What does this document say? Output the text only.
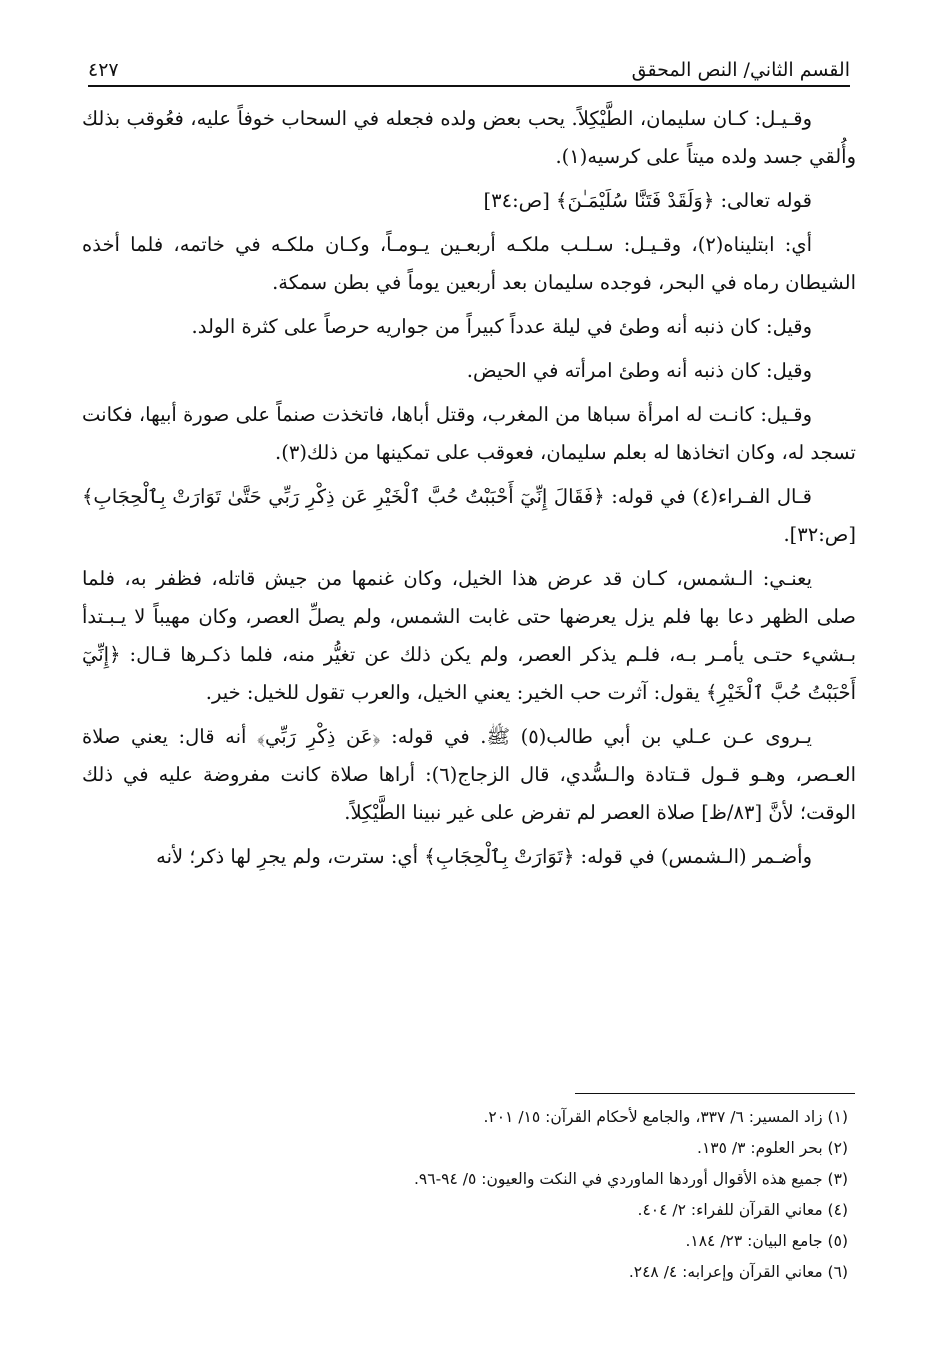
القسم الثاني/ النص المحقق
٤٢٧

وقـيـل: كـان سليمان، الطَّيْكِلاً. يحب بعض ولده فجعله في السحاب خوفاً عليه، فعُوقب بذلك وأُلقي جسد ولده ميتاً على كرسيه(١).

قوله تعالى: ﴿وَلَقَدْ فَتَنَّا سُلَيْمَـٰنَ﴾ [ص:٣٤]

أي: ابتليناه(٢)، وقـيـل: سـلـب ملكـه أربعـين يـومـاً، وكـان ملكـه في خاتمه، فلما أخذه الشيطان رماه في البحر، فوجده سليمان بعد أربعين يوماً في بطن سمكة.

وقيل: كان ذنبه أنه وطئ في ليلة عدداً كبيراً من جواريه حرصاً على كثرة الولد.

وقيل: كان ذنبه أنه وطئ امرأته في الحيض.

وقـيل: كانـت له امرأة سباها من المغرب، وقتل أباها، فاتخذت صنماً على صورة أبيها، فكانت تسجد له، وكان اتخاذها له بعلم سليمان، فعوقب على تمكينها من ذلك(٣).

قـال الفـراء(٤) في قوله: ﴿فَقَالَ إِنِّيٓ أَحْبَبْتُ حُبَّ ٱلْخَيْرِ عَن ذِكْرِ رَبِّي حَتَّىٰ تَوَارَتْ بِٱلْحِجَابِ﴾ [ص:٣٢].

يعنـي: الـشمس، كـان قد عرض هذا الخيل، وكان غنمها من جيش قاتله، فظفر به، فلما صلى الظهر دعا بها فلم يزل يعرضها حتى غابت الشمس، ولم يصلِّ العصر، وكان مهيباً لا يـبـتدأ بـشيء حتـى يأمـر بـه، فلـم يذكر العصر، ولم يكن ذلك عن تغيُّر منه، فلما ذكـرها قـال: ﴿إِنِّيٓ أَحْبَبْتُ حُبَّ ٱلْخَيْرِ﴾ يقول: آثرت حب الخير: يعني الخيل، والعرب تقول للخيل: خير.

يـروى عـن عـلي بن أبي طالب(٥) ﷺ. في قوله: ﴿عَن ذِكْرِ رَبِّي﴾ أنه قال: يعني صلاة العـصر، وهـو قـول قـتادة والـسُّدي، قال الزجاج(٦): أراها صلاة كانت مفروضة عليه في ذلك الوقت؛ لأنَّ [٨٣/ظ] صلاة العصر لم تفرض على غير نبينا الطَّيْكِلاً.

وأضـمر (الـشمس) في قوله: ﴿تَوَارَتْ بِٱلْحِجَابِ﴾ أي: سترت، ولم يجرِ لها ذكر؛ لأنه

(١) زاد المسير: ٦/ ٣٣٧، والجامع لأحكام القرآن: ١٥/ ٢٠١.
(٢) بحر العلوم: ٣/ ١٣٥.
(٣) جميع هذه الأقوال أوردها الماوردي في النكت والعيون: ٥/ ٩٤-٩٦.
(٤) معاني القرآن للفراء: ٢/ ٤٠٤.
(٥) جامع البيان: ٢٣/ ١٨٤.
(٦) معاني القرآن وإعرابه: ٤/ ٢٤٨.
